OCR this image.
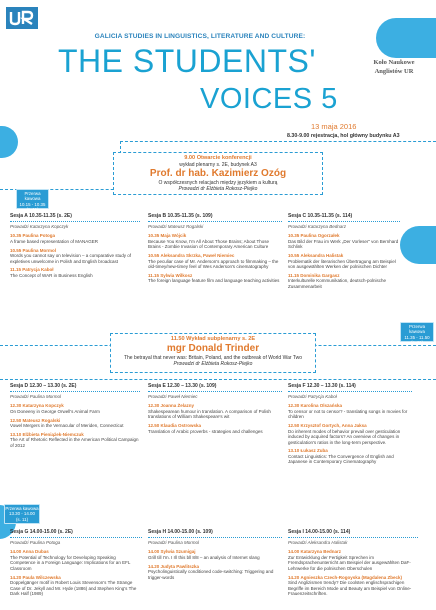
GALICIA STUDIES IN LINGUISTICS, LITERATURE AND CULTURE:
THE STUDENTS'
VOICES 5
Koło Naukowe
Anglistów UR
13 maja 2016
8.30-9.00 rejestracja, hol główny budynku A3
9.00 Otwarcie konferencji
wykład plenarny s. 2E, budynek A3
Prof. dr hab. Kazimierz Ozóg
O współczesnych relacjach między językiem a kulturą
Prowadzi dr Elżbieta Rokosz-Piejko
Przerwa kawowa
10.15 - 10.35
(s. 11)
Sesja A 10.35-11.35 (s. 2E)
Prowadzi Katarzyna Kopczyk
10.35 Paulina Potoga
A frame based representation of MANAGER
10.55 Paulina Mormol
Words you cannot say on television – a comparative study of expletives unwelcome in Polish and English broadcast
11.15 Patrycja Kaboł
The Concept of WAR in Business English
Sesja B 10.35-11.35 (s. 109)
Prowadzi Mateusz Rogalski
10.35 Maja Wójcik
Because You Know, I'm All About Those Brains; About Those Brains - Zombie Invasion of Contemporary American Culture
10.55 Aleksandra Skrzka, Paweł Niemiec
The peculiar case of Mr. Anderson's approach to filmmaking – the old-timey/new-timey feel of Wes Anderson's cinematography
11.15 Sylwia Wilkosz
The foreign language feature film and language teaching activities
Sesja C 10.35-11.35 (s. 114)
Prowadzi Katarzyna Bednarz
10.35 Paulina Ogorzałek
Das Bild der Frau im Werk „Der Vorleser” von Bernhard Schlink
10.55 Aleksandra Halistak
Problematik der literarischen Übertragung am Beispiel von ausgewählten Werken der polnischen Dichter
11.15 Dominika Gargasz
Interkulturelle Kommunikation, deutsch-polnische Zusammenarbeit
Przerwa kawowa
11.35 - 11.50
(s. 11)
11.50 Wykład subplenarny s. 2E
mgr Donald Trinder
The betrayal that never was: Britain, Poland, and the outbreak of World War Two
Prowadzi dr Elżbieta Rokosz-Piejko
Sesja D 12.30 – 13.30 (s. 2E)
Prowadzi Paulina Mormol
12.30 Katarzyna Kopczyk
On Doneeny in George Orwell's Animal Farm
12.50 Mateusz Rogalski
Vowel Mergers in the Vernacular of Meriden, Connecticut
13.10 Elżbieta Pieniążek-Niemczuk
The Art of Rhetoric Reflected in the American Political Campaign of 2012
Sesja E 12.30 – 13.30 (s. 109)
Prowadzi Paweł Niemiec
12.30 Joanna Żelazny
Shakespearean humour in translation. A comparison of Polish translations of William Shakespeare's wit
12.50 Klaudia Ostrowska
Translation of Arabic proverbs - strategies and challenges
Sesja F 12.30 – 13.30 (s. 114)
Prowadzi Patrycja Kaboł
12.30 Karolina Olszańska
To censor or not to censor? - translating songs in movies for children
12.50 Krzysztof Gortych, Anna Jaksa
Do inherent modes of behavior prevail over gesticulation induced by acquired factors? An overview of changes in gesticulation's ratios in the long-term perspective.
13.10 Łukasz Zuba
Contact Linguistics: The Convergence of English and Japanese in Contemporary Cinematography
Przerwa kawowa
13.30 - 14.00
(s. 11)
Sesja G 14.00-15.00 (s. 2E)
Prowadzi Paulina Potoga
14.00 Anna Dubas
The Potential of Technology for Developing Speaking Competence in a Foreign Language: Implications for an EFL Classroom
14.20 Paula Wilczewska
Doppelgänger motif in Robert Louis Stevenson's The Strange Case of Dr. Jekyll and Mr. Hyde (1886) and Stephen King's The Dark Half (1989)
Sesja H 14.00-15.00 (s. 109)
Prowadzi Paulina Mormol
14.00 Sylwia Szumigaj
Grill till I'm. I rll this bll 8/8 – an analysis of Internet slang
14.20 Judyta Pawlitszka
Psycholinguistically conditioned code-switching: Triggering and trigger-words
Sesja I 14.00-15.00 (s. 114)
Prowadzi Aleksandra Halistak
14.00 Katarzyna Bednarz
Zur Entwicklung der Fertigkeit Sprechen im Fremdsprachenunterricht am Beispiel der ausgewählten DaF-Lehrwerke für die polnischen Oberschulen
14.20 Agnieszka Czech-Rogoyska (Magdalena Zbeck)
Sind Anglizismen trendy? Die coolsten englischsprachigen Begriffe im Bereich Mode und Beauty am Beispiel von Online-Frauenzeitschriften.
